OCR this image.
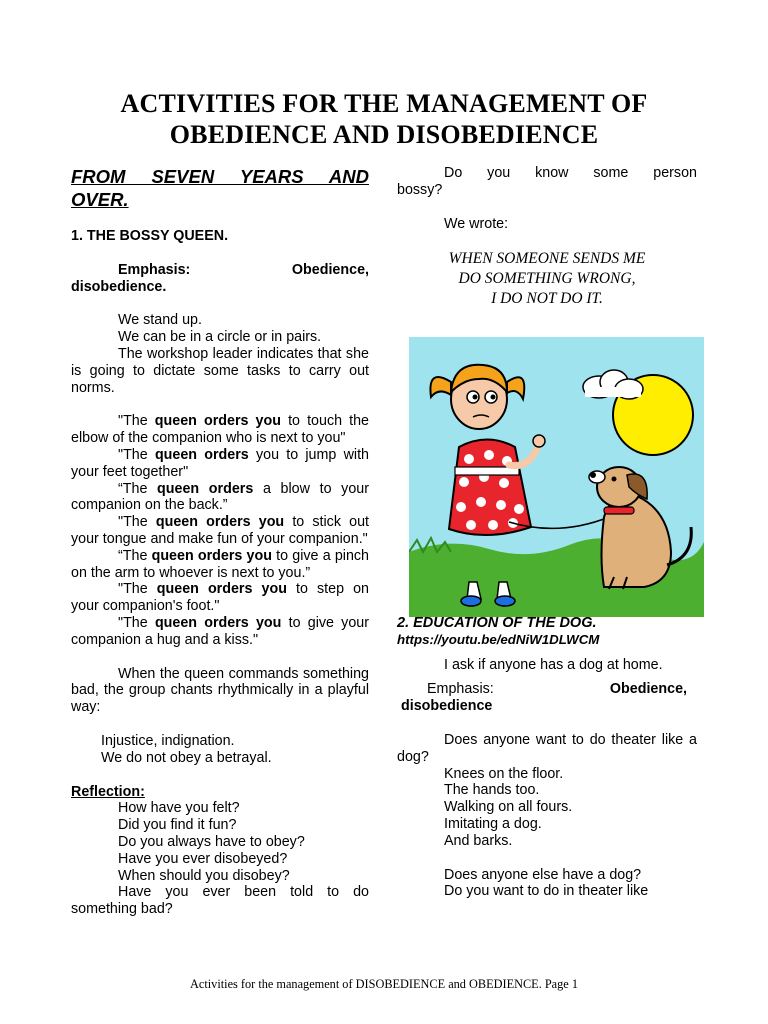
ACTIVITIES FOR THE MANAGEMENT OF
OBEDIENCE AND DISOBEDIENCE

FROM SEVEN YEARS AND OVER.

1. THE BOSSY QUEEN.

Emphasis:	Obedience,

disobedience.

We stand up.

We can be in a circle or in pairs.

The workshop leader indicates that she is going to dictate some tasks to carry out norms.

"The queen orders you to touch the elbow of the companion who is next to you"

"The queen orders you to jump with your feet together"

“The queen orders a blow to your companion on the back.”

"The queen orders you to stick out your tongue and make fun of your companion."

“The queen orders you to give a pinch on the arm to whoever is next to you.”

"The queen orders you to step on your companion's foot."

"The queen orders you to give your companion a hug and a kiss."

When the queen commands something bad, the group chants rhythmically in a playful way:

Injustice, indignation.

We do not obey a betrayal.

Reflection:

How have you felt?

Did you find it fun?

Do you always have to obey?

Have you ever disobeyed?

When should you disobey?

Have you ever been told to do something bad?

Do you know some person bossy?

We wrote:

WHEN SOMEONE SENDS ME
DO SOMETHING WRONG,
I DO NOT DO IT.

2. EDUCATION OF THE DOG.

https://youtu.be/edNiW1DLWCM

I ask if anyone has a dog at home.

Emphasis:	Obedience,

disobedience

Does anyone want to do theater like a dog?

Knees on the floor.

The hands too.

Walking on all fours.

Imitating a dog.

And barks.

Does anyone else have a dog?

Do you want to do in theater like

Activities for the management of DISOBEDIENCE and OBEDIENCE. Page 1
